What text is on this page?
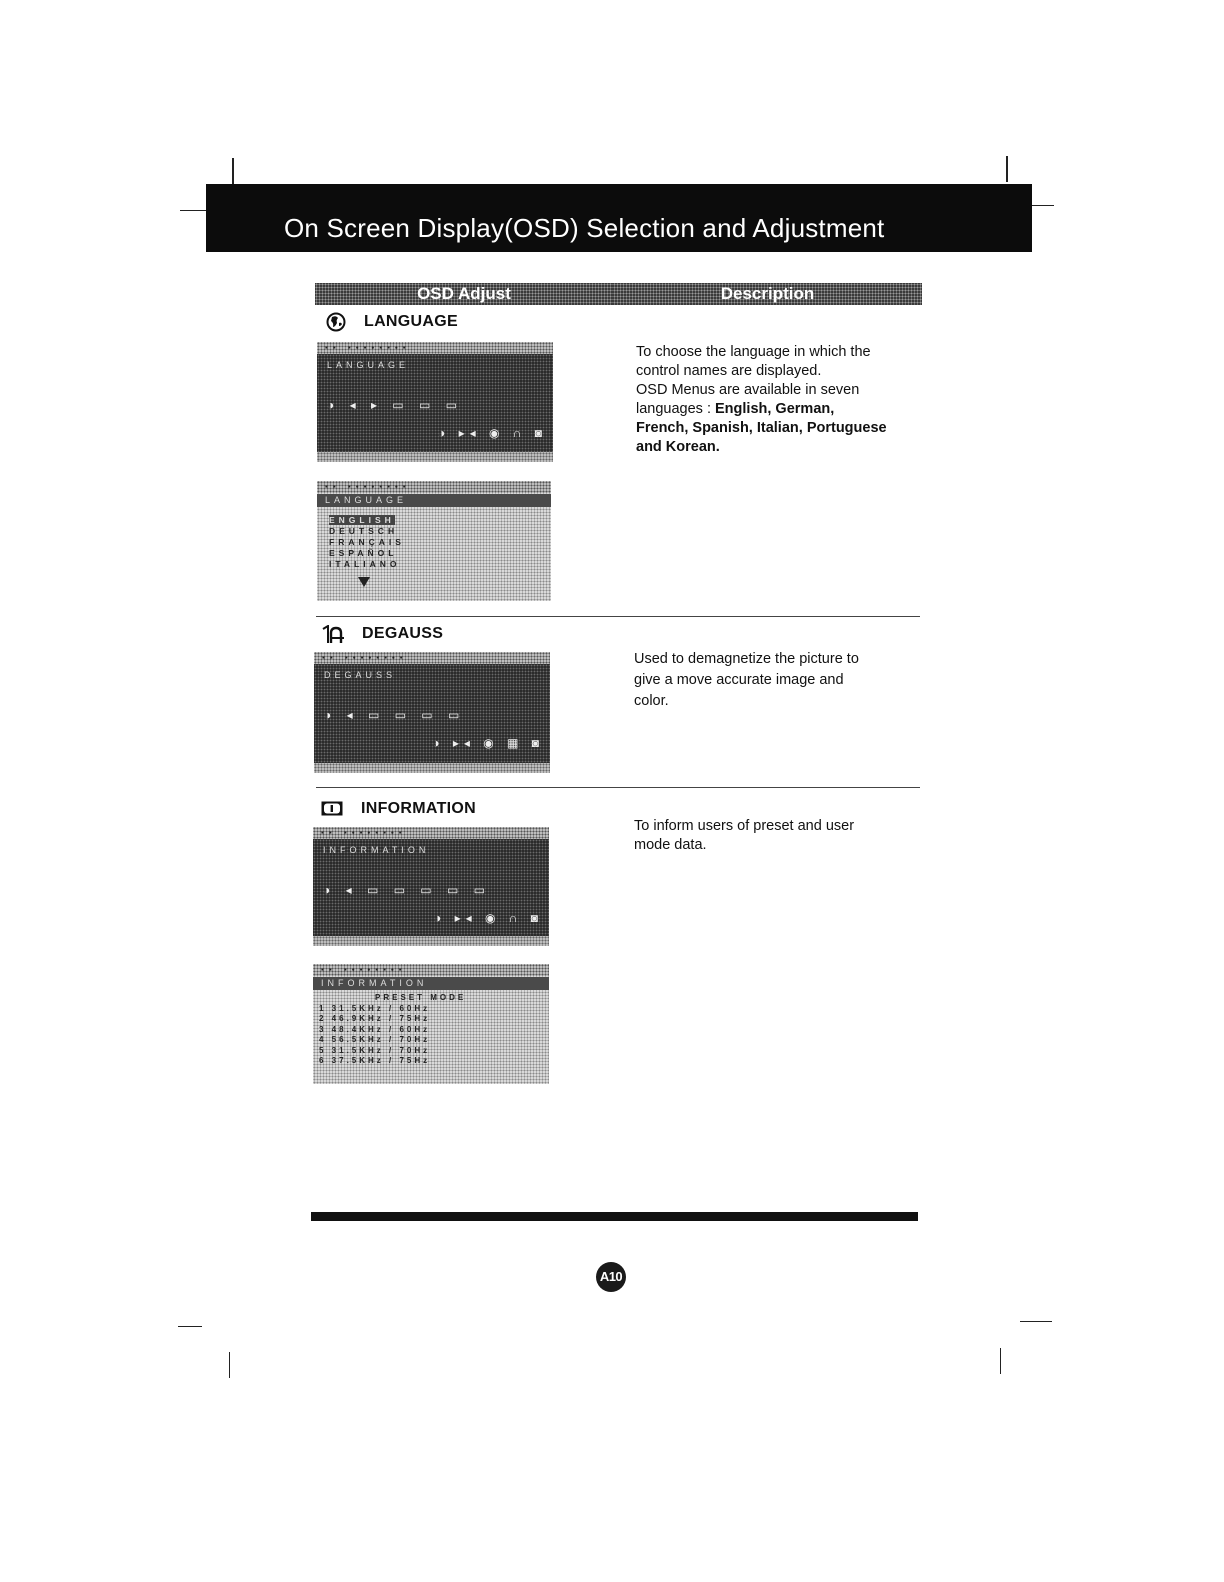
On Screen Display(OSD) Selection and Adjustment
OSD Adjust	Description
LANGUAGE
▪▪ ▪▪▪▪▪▪▪▪
LANGUAGE
◑ ◂ ▸ ▭ ▭ ▭
◑ ▸◂ ◉ ∩ ◙
▪▪ ▪▪▪▪▪▪▪▪
LANGUAGE
ENGLISH
DEUTSCH
FRANÇAIS
ESPAÑOL
ITALIANO
To choose the language in which the
control names are displayed.
OSD Menus are available in seven
languages : English, German,
French, Spanish, Italian, Portuguese
and Korean.
DEGAUSS
▪▪ ▪▪▪▪▪▪▪▪
DEGAUSS
◑ ◂ ▭ ▭ ▭ ▭
◑ ▸◂ ◉ ▦ ◙
Used to demagnetize the picture to
give a move accurate image and
color.
INFORMATION
▪▪ ▪▪▪▪▪▪▪▪
INFORMATION
◑ ◂ ▭ ▭ ▭ ▭ ▭
◑ ▸◂ ◉ ∩ ◙
▪▪ ▪▪▪▪▪▪▪▪
INFORMATION
PRESET MODE
1 31.5KHz / 60Hz
2 46.9KHz / 75Hz
3 48.4KHz / 60Hz
4 56.5KHz / 70Hz
5 31.5KHz / 70Hz
6 37.5KHz / 75Hz
To inform users of preset and user
mode data.
A10
